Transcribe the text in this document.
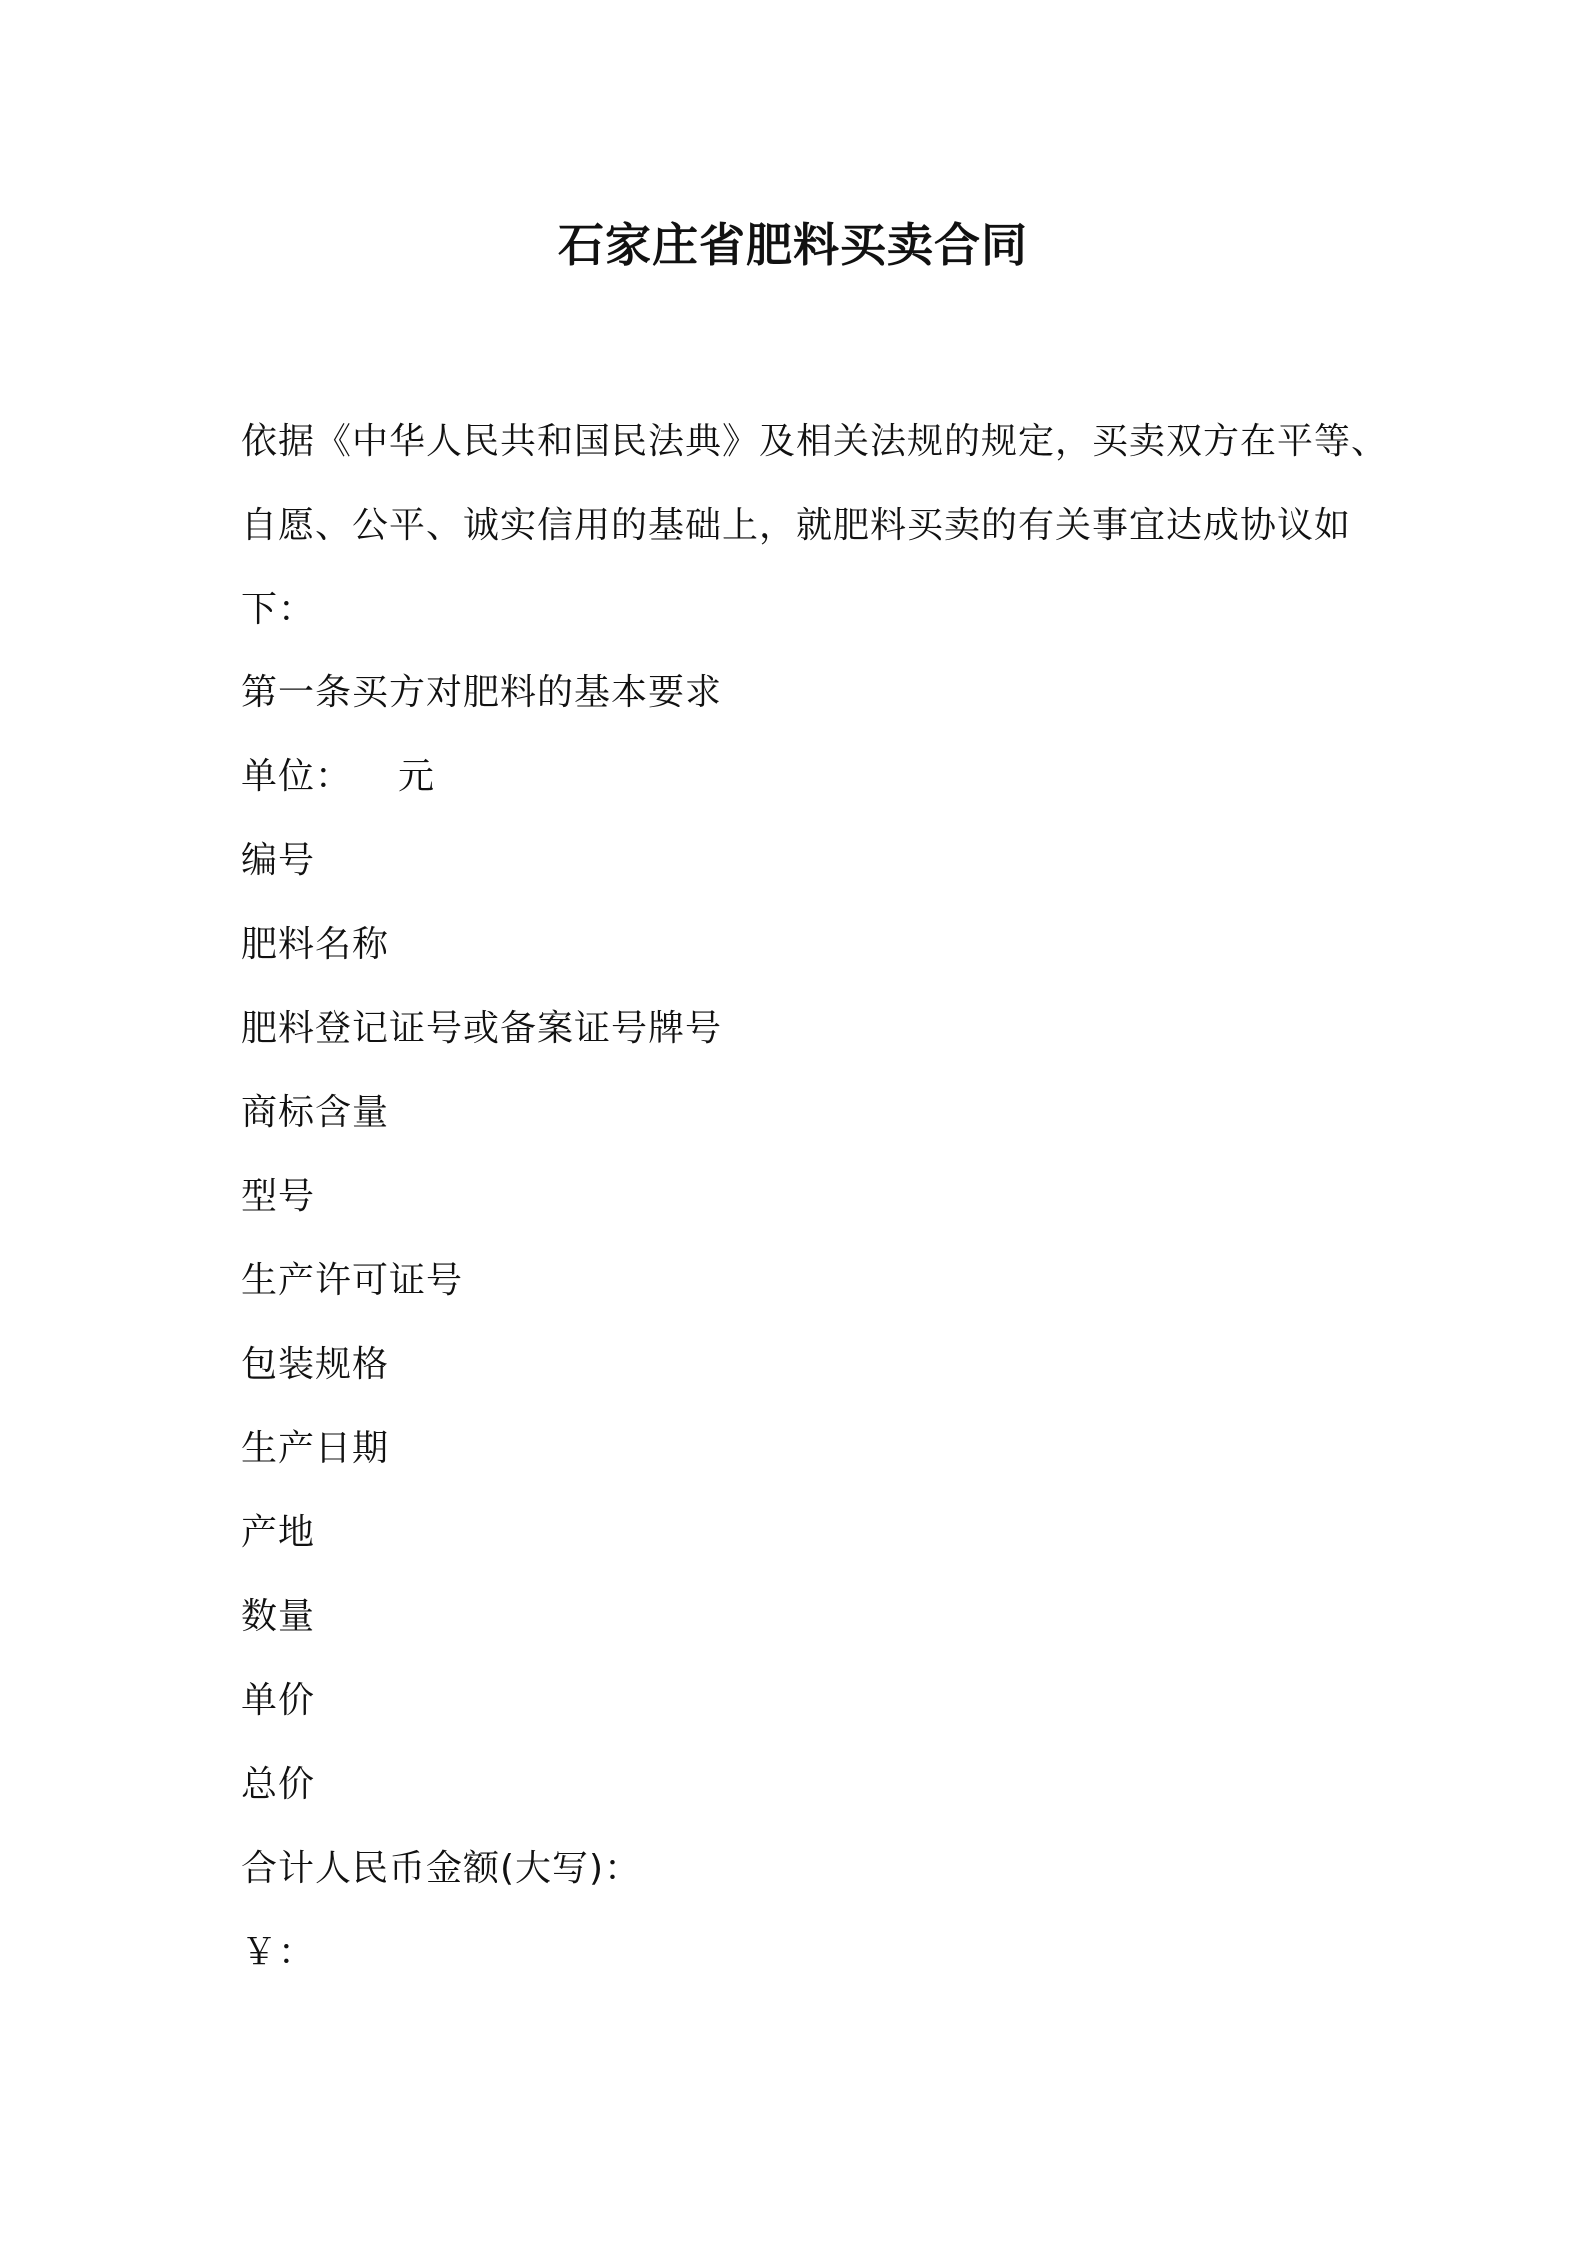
石家庄省肥料买卖合同
依据《中华人民共和国民法典》及相关法规的规定，买卖双方在平等、
自愿、公平、诚实信用的基础上，就肥料买卖的有关事宜达成协议如
下：
第一条买方对肥料的基本要求
单位： 元
编号
肥料名称
肥料登记证号或备案证号牌号
商标含量
型号
生产许可证号
包装规格
生产日期
产地
数量
单价
总价
合计人民币金额(大写)：
￥：
